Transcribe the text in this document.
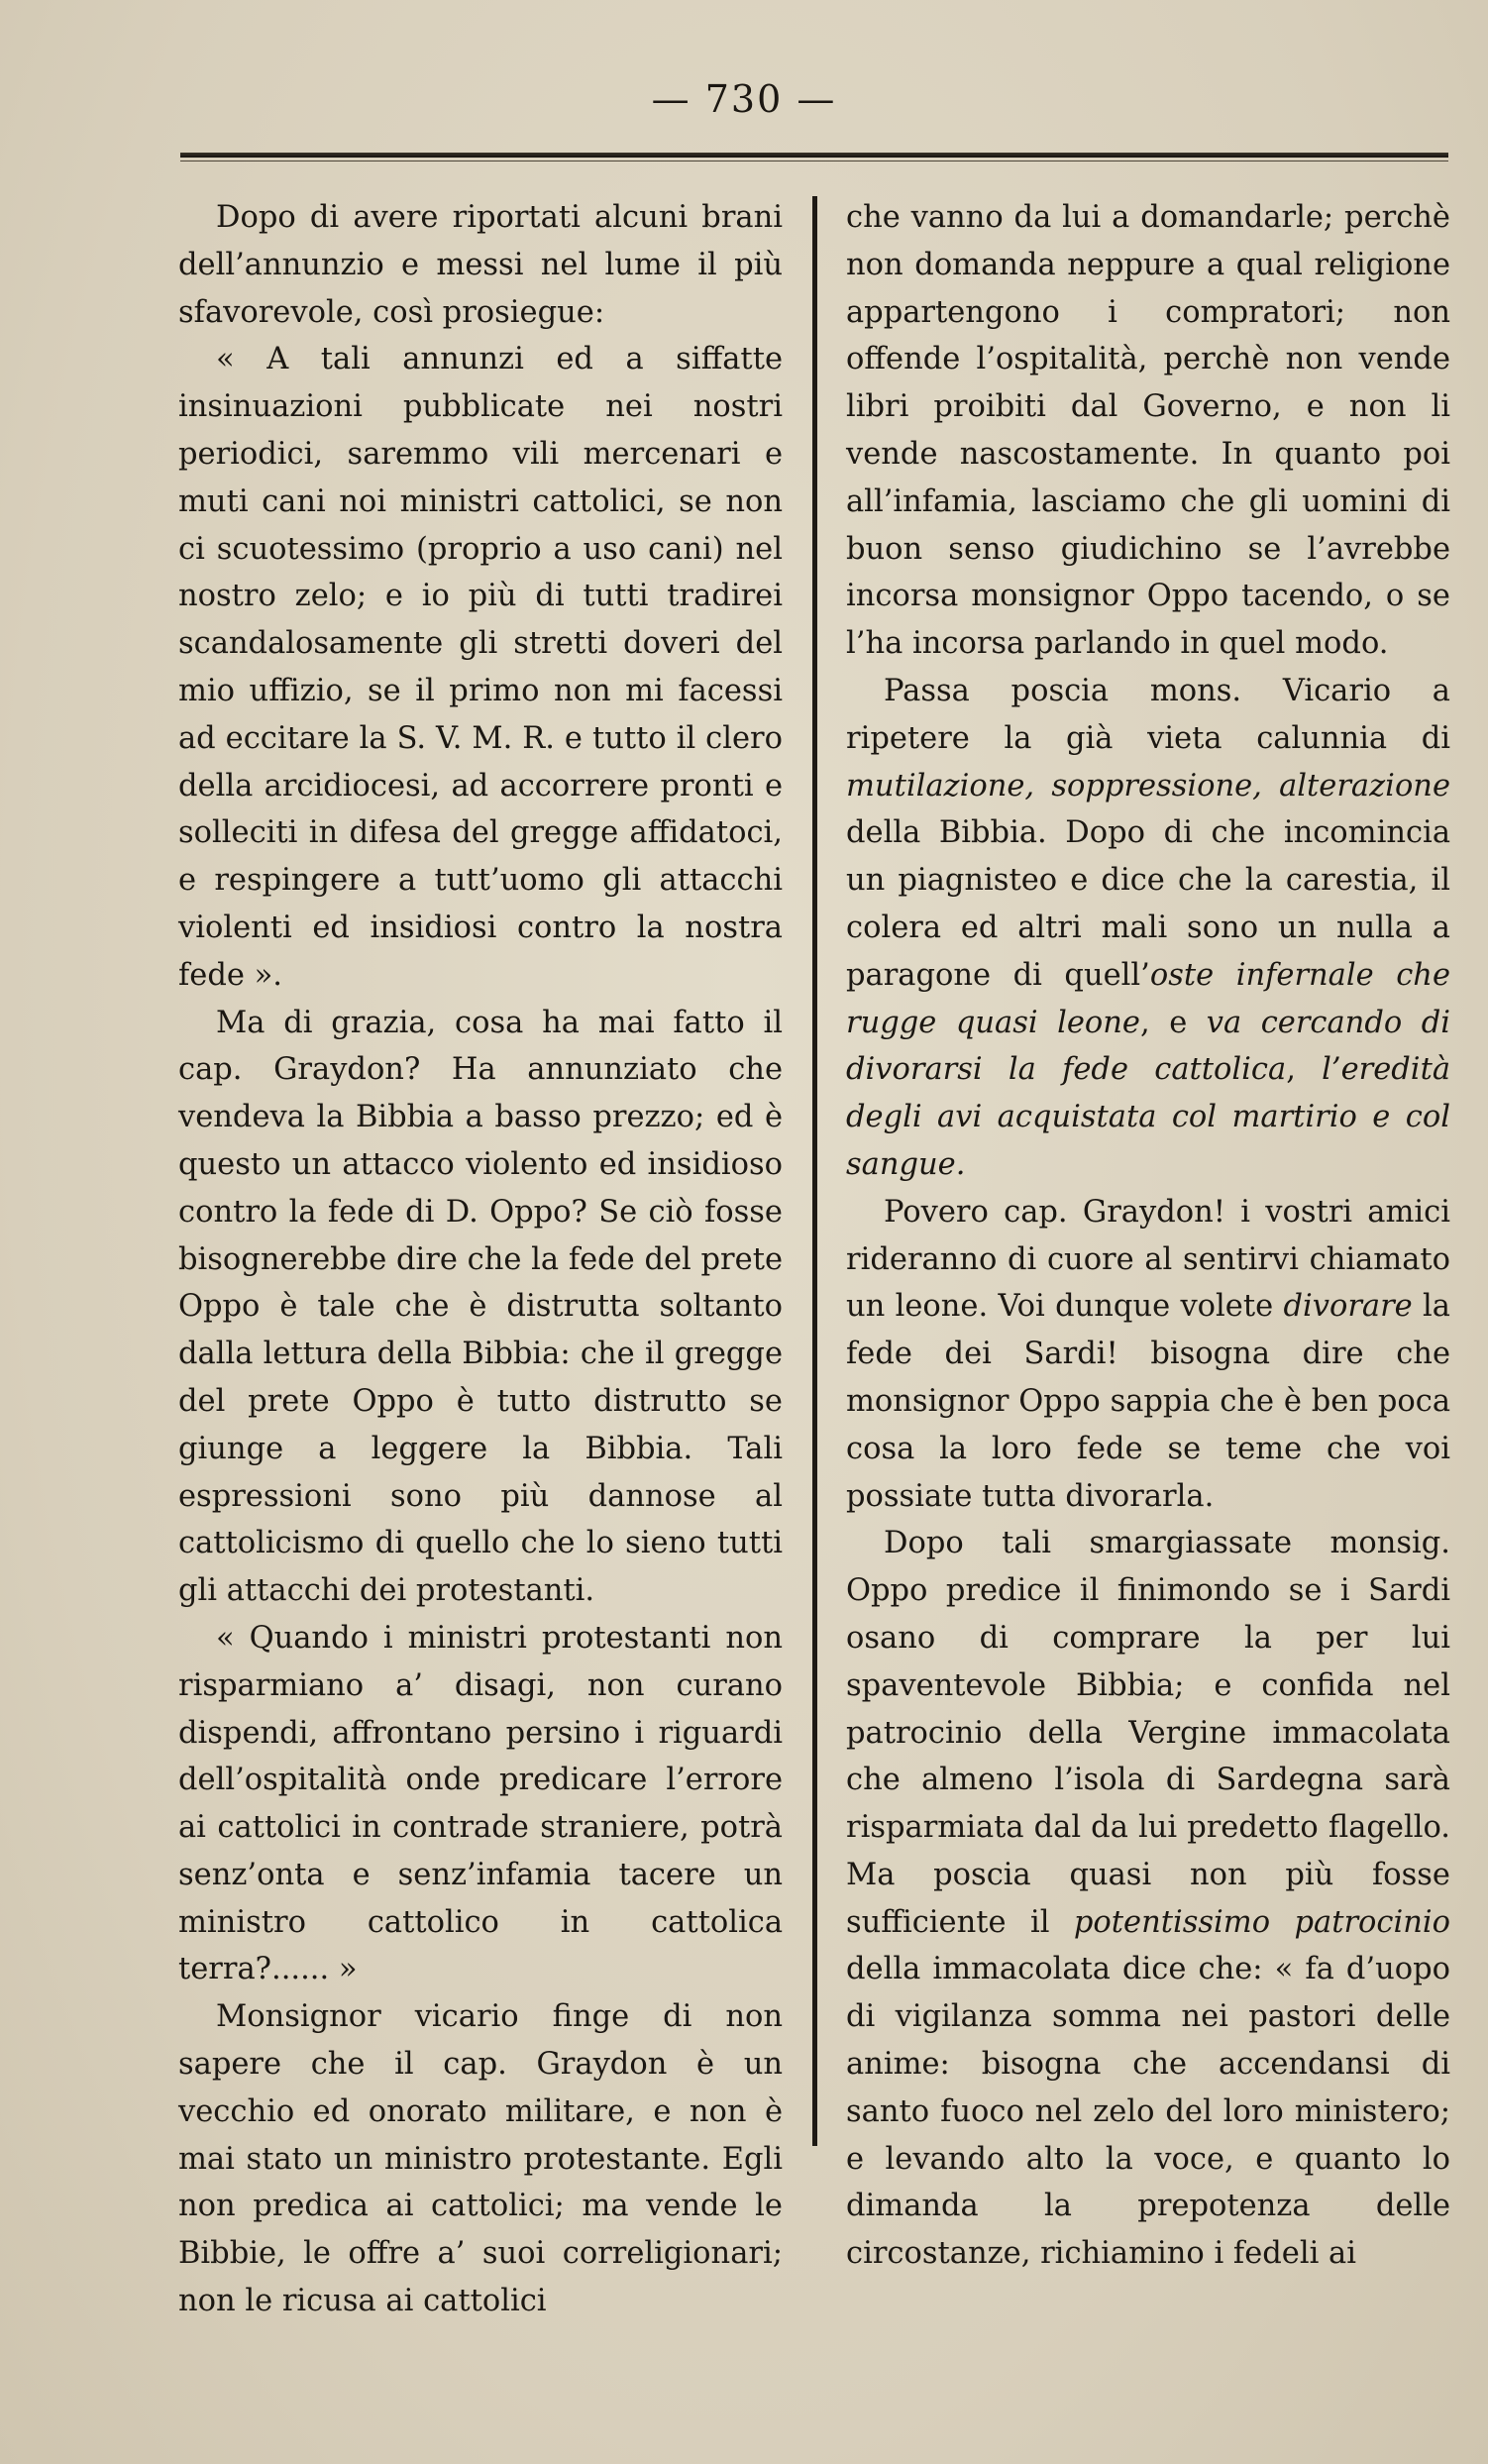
— 730 —

Dopo di avere riportati alcuni brani dell’annunzio e messi nel lume il più sfavorevole, così prosiegue:

« A tali annunzi ed a siffatte insinuazioni pubblicate nei nostri periodici, saremmo vili mercenari e muti cani noi ministri cattolici, se non ci scuotessimo (proprio a uso cani) nel nostro zelo; e io più di tutti tradirei scandalosamente gli stretti doveri del mio uffizio, se il primo non mi facessi ad eccitare la S. V. M. R. e tutto il clero della arcidiocesi, ad accorrere pronti e solleciti in difesa del gregge affidatoci, e respingere a tutt’uomo gli attacchi violenti ed insidiosi contro la nostra fede ».

Ma di grazia, cosa ha mai fatto il cap. Graydon? Ha annunziato che vendeva la Bibbia a basso prezzo; ed è questo un attacco violento ed insidioso contro la fede di D. Oppo? Se ciò fosse bisognerebbe dire che la fede del prete Oppo è tale che è distrutta soltanto dalla lettura della Bibbia: che il gregge del prete Oppo è tutto distrutto se giunge a leggere la Bibbia. Tali espressioni sono più dannose al cattolicismo di quello che lo sieno tutti gli attacchi dei protestanti.

« Quando i ministri protestanti non risparmiano a’ disagi, non curano dispendi, affrontano persino i riguardi dell’ospitalità onde predicare l’errore ai cattolici in contrade straniere, potrà senz’onta e senz’infamia tacere un ministro cattolico in cattolica terra?...... »

Monsignor vicario finge di non sapere che il cap. Graydon è un vecchio ed onorato militare, e non è mai stato un ministro protestante. Egli non predica ai cattolici; ma vende le Bibbie, le offre a’ suoi correligionari; non le ricusa ai cattolici

che vanno da lui a domandarle; perchè non domanda neppure a qual religione appartengono i compratori; non offende l’ospitalità, perchè non vende libri proibiti dal Governo, e non li vende nascostamente. In quanto poi all’infamia, lasciamo che gli uomini di buon senso giudichino se l’avrebbe incorsa monsignor Oppo tacendo, o se l’ha incorsa parlando in quel modo.

Passa poscia mons. Vicario a ripetere la già vieta calunnia di mutilazione, soppressione, alterazione della Bibbia. Dopo di che incomincia un piagnisteo e dice che la carestia, il colera ed altri mali sono un nulla a paragone di quell’oste infernale che rugge quasi leone, e va cercando di divorarsi la fede cattolica, l’eredità degli avi acquistata col martirio e col sangue.

Povero cap. Graydon! i vostri amici rideranno di cuore al sentirvi chiamato un leone. Voi dunque volete divorare la fede dei Sardi! bisogna dire che monsignor Oppo sappia che è ben poca cosa la loro fede se teme che voi possiate tutta divorarla.

Dopo tali smargiassate monsig. Oppo predice il finimondo se i Sardi osano di comprare la per lui spaventevole Bibbia; e confida nel patrocinio della Vergine immacolata che almeno l’isola di Sardegna sarà risparmiata dal da lui predetto flagello. Ma poscia quasi non più fosse sufficiente il potentissimo patrocinio della immacolata dice che: « fa d’uopo di vigilanza somma nei pastori delle anime: bisogna che accendansi di santo fuoco nel zelo del loro ministero; e levando alto la voce, e quanto lo dimanda la prepotenza delle circostanze, richiamino i fedeli ai
